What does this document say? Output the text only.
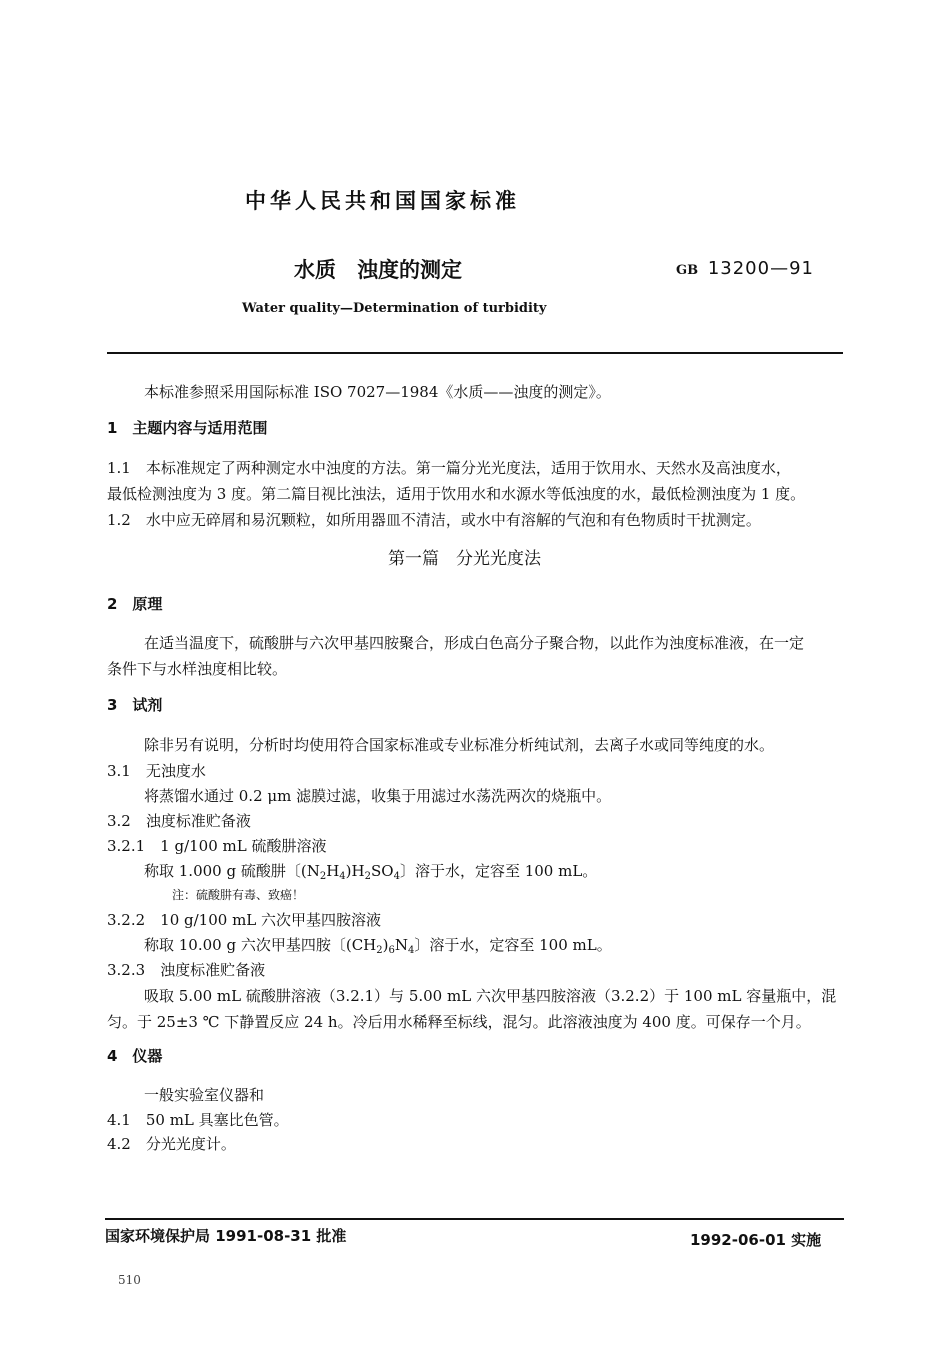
中华人民共和国国家标准
水质　浊度的测定	GB 13200—91
Water quality—Determination of turbidity
本标准参照采用国际标准 ISO 7027—1984《水质——浊度的测定》。
1　主题内容与适用范围
1.1　本标准规定了两种测定水中浊度的方法。第一篇分光光度法，适用于饮用水、天然水及高浊度水，
最低检测浊度为 3 度。第二篇目视比浊法，适用于饮用水和水源水等低浊度的水，最低检测浊度为 1 度。
1.2　水中应无碎屑和易沉颗粒，如所用器皿不清洁，或水中有溶解的气泡和有色物质时干扰测定。
第一篇　分光光度法
2　原理
在适当温度下，硫酸肼与六次甲基四胺聚合，形成白色高分子聚合物，以此作为浊度标准液，在一定
条件下与水样浊度相比较。
3　试剂
除非另有说明，分析时均使用符合国家标准或专业标准分析纯试剂，去离子水或同等纯度的水。
3.1　无浊度水
将蒸馏水通过 0.2 μm 滤膜过滤，收集于用滤过水荡洗两次的烧瓶中。
3.2　浊度标准贮备液
3.2.1　1 g/100 mL 硫酸肼溶液
称取 1.000 g 硫酸肼〔$(N_2H_4)H_2SO_4$〕溶于水，定容至 100 mL。
注：硫酸肼有毒、致癌！
3.2.2　10 g/100 mL 六次甲基四胺溶液
称取 10.00 g 六次甲基四胺〔$(CH_2)_6N_4$〕溶于水，定容至 100 mL。
3.2.3　浊度标准贮备液
吸取 5.00 mL 硫酸肼溶液（3.2.1）与 5.00 mL 六次甲基四胺溶液（3.2.2）于 100 mL 容量瓶中，混
匀。于 25±3 ℃ 下静置反应 24 h。冷后用水稀释至标线，混匀。此溶液浊度为 400 度。可保存一个月。
4　仪器
一般实验室仪器和
4.1　50 mL 具塞比色管。
4.2　分光光度计。
国家环境保护局 1991-08-31 批准	1992-06-01 实施
510
